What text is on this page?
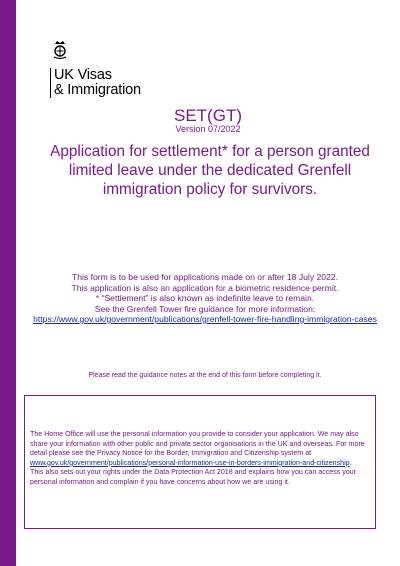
UK Visas
& Immigration
SET(GT)
Version 07/2022
Application for settlement* for a person granted limited leave under the dedicated Grenfell immigration policy for survivors.
This form is to be used for applications made on or after 18 July 2022.
This application is also an application for a biometric residence permit.
* “Settlement” is also known as indefinite leave to remain.
See the Grenfell Tower fire guidance for more information:
https://www.gov.uk/government/publications/grenfell-tower-fire-handling-immigration-cases
Please read the guidance notes at the end of this form before completing it.
The Home Office will use the personal information you provide to consider your application. We may also share your information with other public and private sector organisations in the UK and overseas. For more detail please see the Privacy Notice for the Border, Immigration and Citizenship system at www.gov.uk/government/publications/personal-information-use-in-borders-immigration-and-citizenship. This also sets out your rights under the Data Protection Act 2018 and explains how you can access your personal information and complain if you have concerns about how we are using it.
